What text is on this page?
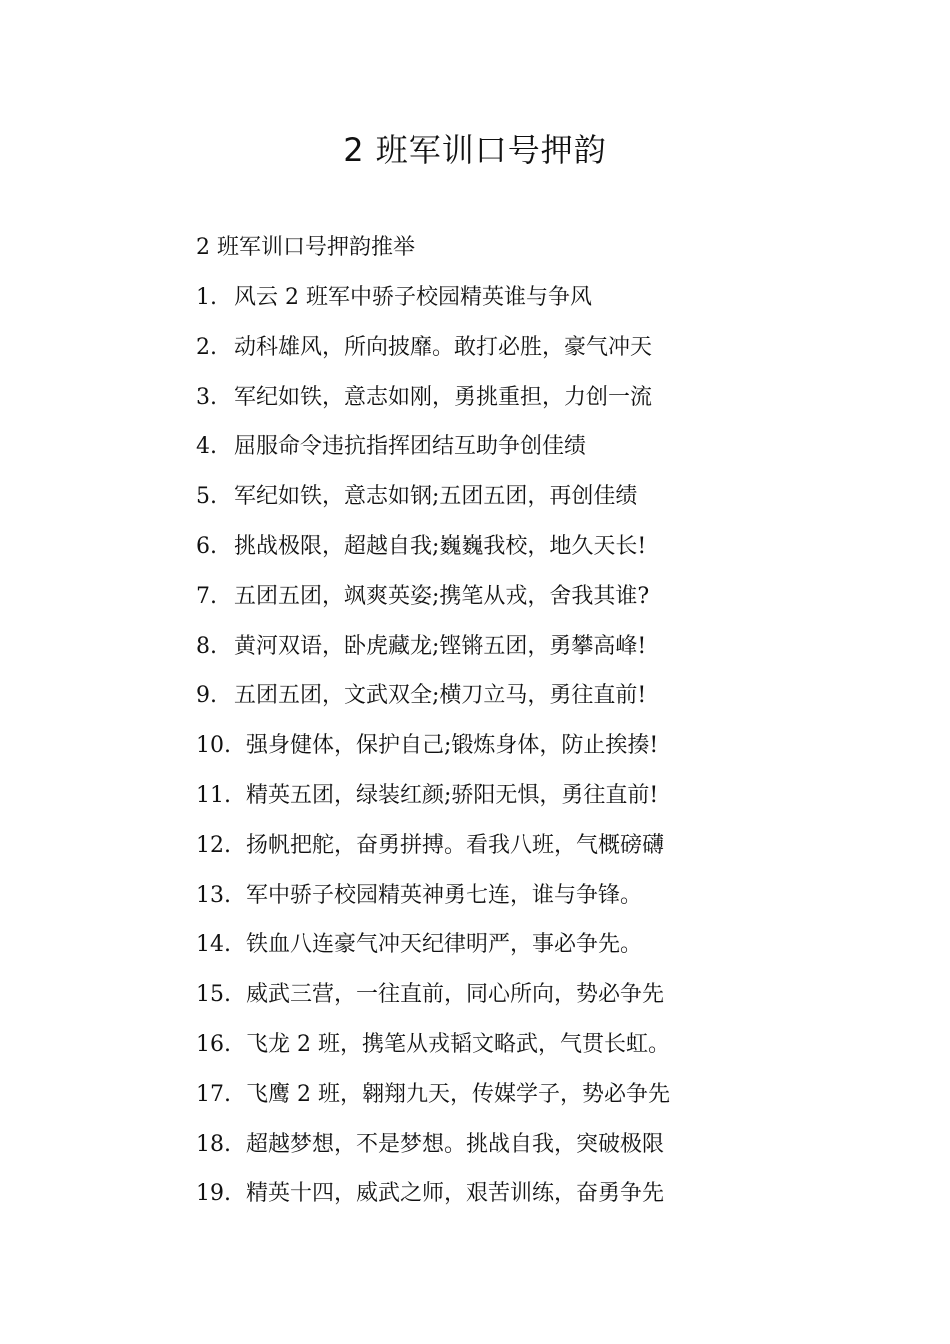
2 班军训口号押韵

2 班军训口号押韵推举

1. 风云 2 班军中骄子校园精英谁与争风
2. 动科雄风，所向披靡。敢打必胜，豪气冲天
3. 军纪如铁，意志如刚，勇挑重担，力创一流
4. 屈服命令违抗指挥团结互助争创佳绩
5. 军纪如铁，意志如钢;五团五团，再创佳绩
6. 挑战极限，超越自我;巍巍我校，地久天长!
7. 五团五团，飒爽英姿;携笔从戎，舍我其谁?
8. 黄河双语，卧虎藏龙;铿锵五团，勇攀高峰!
9. 五团五团，文武双全;横刀立马，勇往直前!
10. 强身健体，保护自己;锻炼身体，防止挨揍!
11. 精英五团，绿装红颜;骄阳无惧，勇往直前!
12. 扬帆把舵，奋勇拼搏。看我八班，气概磅礴
13. 军中骄子校园精英神勇七连，谁与争锋。
14. 铁血八连豪气冲天纪律明严，事必争先。
15. 威武三营，一往直前，同心所向，势必争先
16. 飞龙 2 班，携笔从戎韬文略武，气贯长虹。
17. 飞鹰 2 班，翱翔九天，传媒学子，势必争先
18. 超越梦想，不是梦想。挑战自我，突破极限
19. 精英十四，威武之师，艰苦训练，奋勇争先
